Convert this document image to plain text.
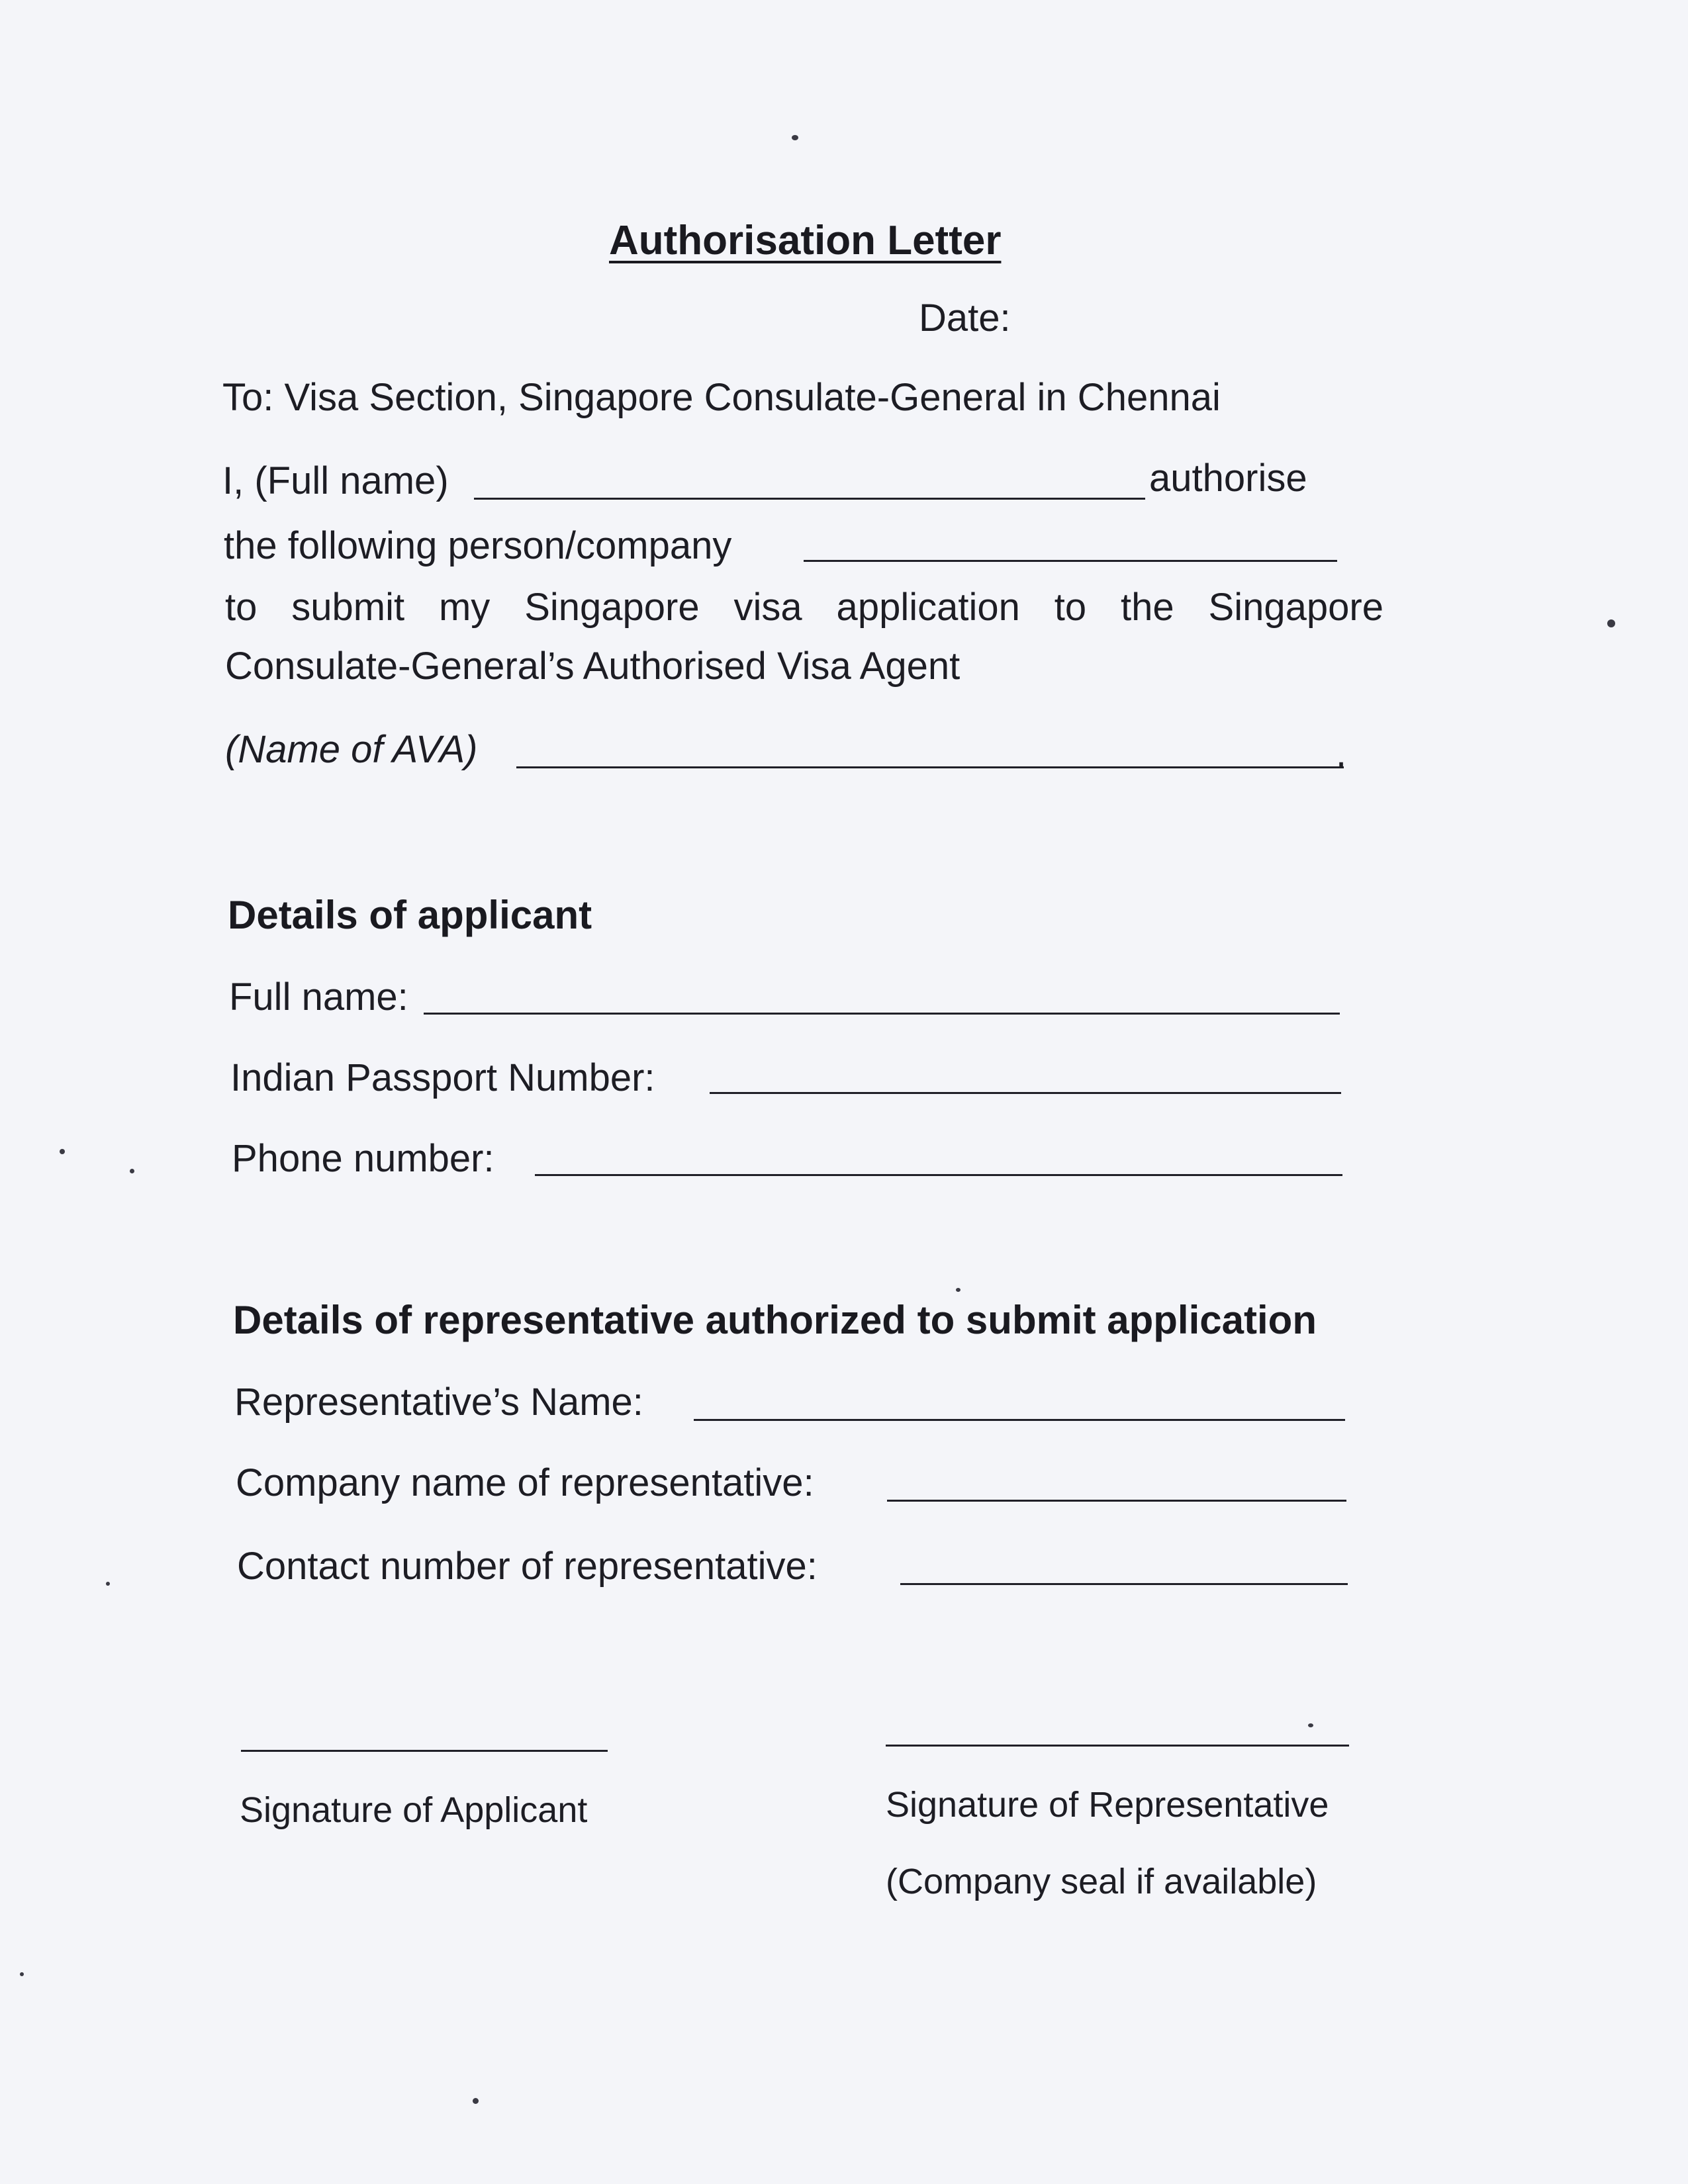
Authorisation Letter
Date:
To: Visa Section, Singapore Consulate-General in Chennai
I, (Full name)	authorise
the following person/company
to submit my Singapore visa application to the Singapore
Consulate-General’s Authorised Visa Agent
(Name of AVA)	.
Details of applicant
Full name:
Indian Passport Number:
Phone number:
Details of representative authorized to submit application
Representative’s Name:
Company name of representative:
Contact number of representative:
Signature of Applicant	Signature of Representative
(Company seal if available)
